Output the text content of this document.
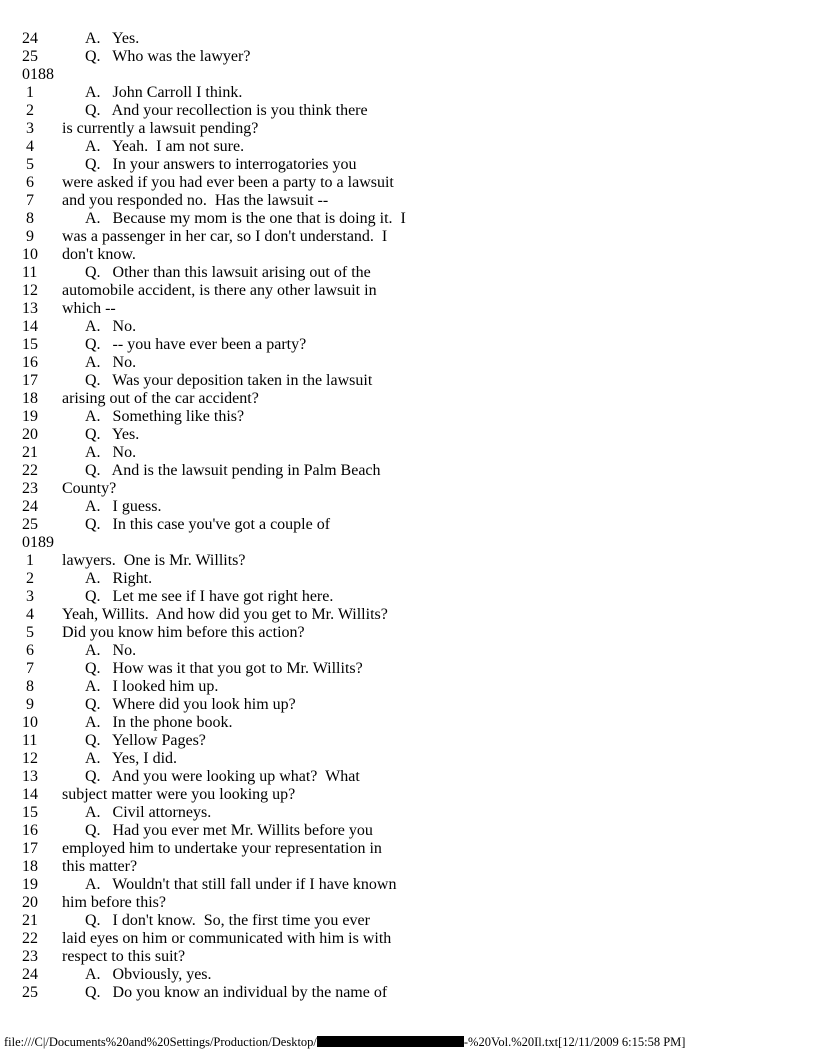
24	A.   Yes.
25	Q.   Who was the lawyer?
0188
1	A.   John Carroll I think.
2	Q.   And your recollection is you think there
3	is currently a lawsuit pending?
4	A.   Yeah.  I am not sure.
5	Q.   In your answers to interrogatories you
6	were asked if you had ever been a party to a lawsuit
7	and you responded no.  Has the lawsuit --
8	A.   Because my mom is the one that is doing it.  I
9	was a passenger in her car, so I don't understand.  I
10	don't know.
11	Q.   Other than this lawsuit arising out of the
12	automobile accident, is there any other lawsuit in
13	which --
14	A.   No.
15	Q.   -- you have ever been a party?
16	A.   No.
17	Q.   Was your deposition taken in the lawsuit
18	arising out of the car accident?
19	A.   Something like this?
20	Q.   Yes.
21	A.   No.
22	Q.   And is the lawsuit pending in Palm Beach
23	County?
24	A.   I guess.
25	Q.   In this case you've got a couple of
0189
1	lawyers.  One is Mr. Willits?
2	A.   Right.
3	Q.   Let me see if I have got right here.
4	Yeah, Willits.  And how did you get to Mr. Willits?
5	Did you know him before this action?
6	A.   No.
7	Q.   How was it that you got to Mr. Willits?
8	A.   I looked him up.
9	Q.   Where did you look him up?
10	A.   In the phone book.
11	Q.   Yellow Pages?
12	A.   Yes, I did.
13	Q.   And you were looking up what?  What
14	subject matter were you looking up?
15	A.   Civil attorneys.
16	Q.   Had you ever met Mr. Willits before you
17	employed him to undertake your representation in
18	this matter?
19	A.   Wouldn't that still fall under if I have known
20	him before this?
21	Q.   I don't know.  So, the first time you ever
22	laid eyes on him or communicated with him is with
23	respect to this suit?
24	A.   Obviously, yes.
25	Q.   Do you know an individual by the name of
file:///C|/Documents%20and%20Settings/Production/Desktop/	-%20Vol.%20Il.txt[12/11/2009 6:15:58 PM]
